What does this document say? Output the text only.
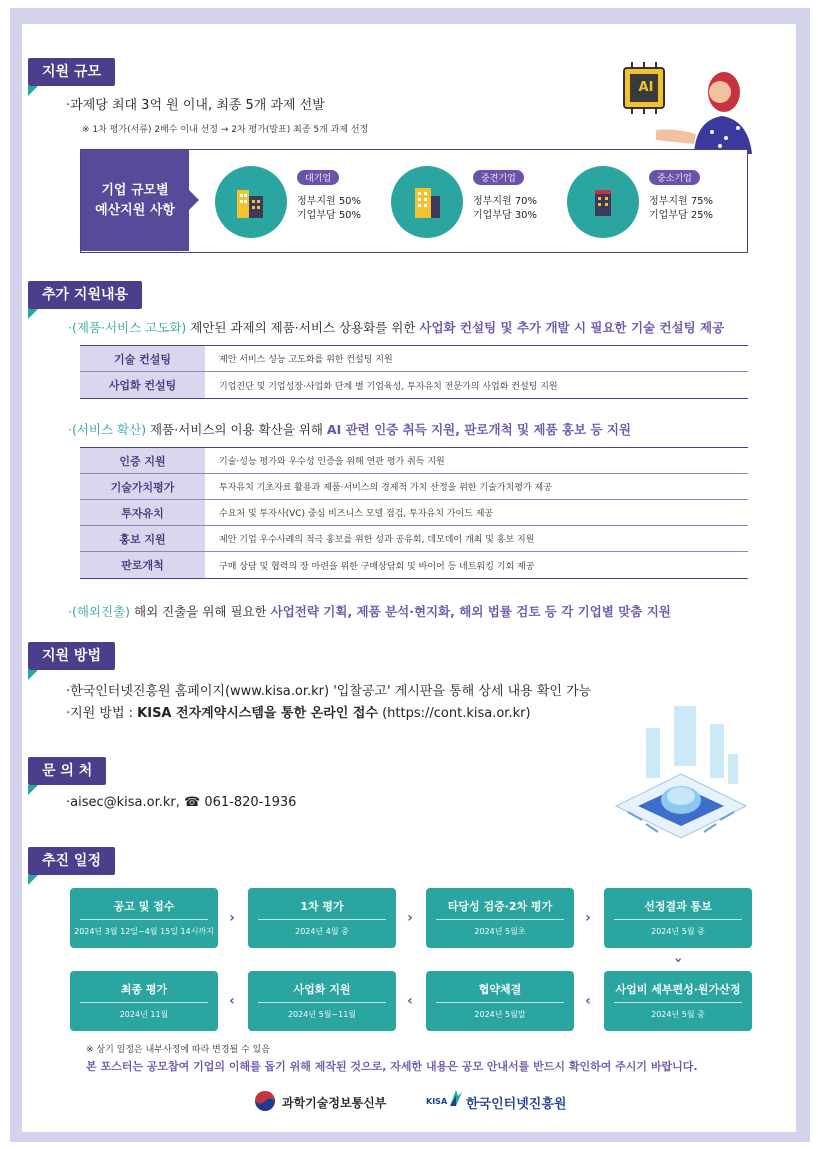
지원 규모
·과제당 최대 3억 원 이내, 최종 5개 과제 선발
※ 1차 평가(서류) 2배수 이내 선정 → 2차 평가(발표) 최종 5개 과제 선정
AI
기업 규모별
예산지원 사항
대기업
정부지원 50%
기업부담 50%
중견기업
정부지원 70%
기업부담 30%
중소기업
정부지원 75%
기업부담 25%
추가 지원내용
·(제품·서비스 고도화) 제안된 과제의 제품·서비스 상용화를 위한 사업화 컨설팅 및 추가 개발 시 필요한 기술 컨설팅 제공
기술 컨설팅	제안 서비스 성능 고도화를 위한 컨설팅 지원
사업화 컨설팅	기업진단 및 기업성장·사업화 단계 별 기업육성, 투자유치 전문가의 사업화 컨설팅 지원
·(서비스 확산) 제품·서비스의 이용 확산을 위해 AI 관련 인증 취득 지원, 판로개척 및 제품 홍보 등 지원
인증 지원	기술·성능 평가와 우수성 인증을 위해 연관 평가 취득 지원
기술가치평가	투자유치 기초자료 활용과 제품·서비스의 경제적 가치 산정을 위한 기술가치평가 제공
투자유치	수요처 및 투자사(VC) 중심 비즈니스 모델 점검, 투자유치 가이드 제공
홍보 지원	제안 기업 우수사례의 적극 홍보를 위한 성과 공유회, 데모데이 개최 및 홍보 지원
판로개척	구매 상담 및 협력의 장 마련을 위한 구매상담회 및 바이어 등 네트워킹 기회 제공
·(해외진출) 해외 진출을 위해 필요한 사업전략 기획, 제품 분석·현지화, 해외 법률 검토 등 각 기업별 맞춤 지원
지원 방법
·한국인터넷진흥원 홈페이지(www.kisa.or.kr) '입찰공고' 게시판을 통해 상세 내용 확인 가능
·지원 방법 : KISA 전자계약시스템을 통한 온라인 접수 (https://cont.kisa.or.kr)
문 의 처
·aisec@kisa.or.kr, ☎ 061-820-1936
추진 일정
공고 및 접수
2024년 3월 12일~4월 15일 14시까지
›
1차 평가
2024년 4월 중
›
타당성 검증·2차 평가
2024년 5월초
›
선정결과 통보
2024년 5월 중
›
최종 평가
2024년 11월
‹
사업화 지원
2024년 5월~11월
‹
협약체결
2024년 5월말
‹
사업비 세부편성·원가산정
2024년 5월 중
※ 상기 일정은 내부사정에 따라 변경될 수 있음
본 포스터는 공모참여 기업의 이해를 돕기 위해 제작된 것으로, 자세한 내용은 공모 안내서를 반드시 확인하여 주시기 바랍니다.
과학기술정보통신부	KISA 한국인터넷진흥원
